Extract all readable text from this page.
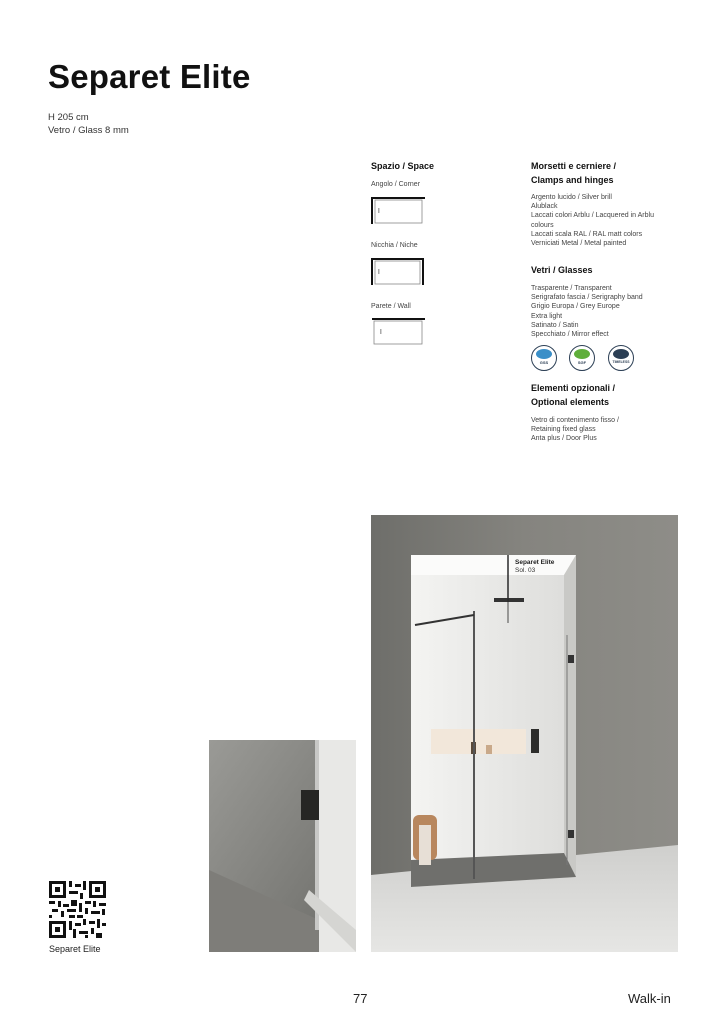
Separet Elite
H 205 cm
Vetro / Glass 8 mm
Spazio / Space
Angolo / Corner
Nicchia / Niche
Parete / Wall
Morsetti e cerniere /
Clamps and hinges
Argento lucido / Silver brill
Alublack
Laccati colori Arblu / Lacquered in Arblu
colours
Laccati scala RAL / RAL matt colors
Verniciati Metal / Metal painted
Vetri / Glasses
Trasparente / Transparent
Serigrafato fascia / Serigraphy band
Grigio Europa / Grey Europe
Extra light
Satinato / Satin
Specchiato / Mirror effect
GSS	SGF	TIMELESS
Elementi opzionali /
Optional elements
Vetro di contenimento fisso /
Retaining fixed glass
Anta plus / Door Plus
Separet Elite
Sol. 03
Separet Elite
77	Walk-in
